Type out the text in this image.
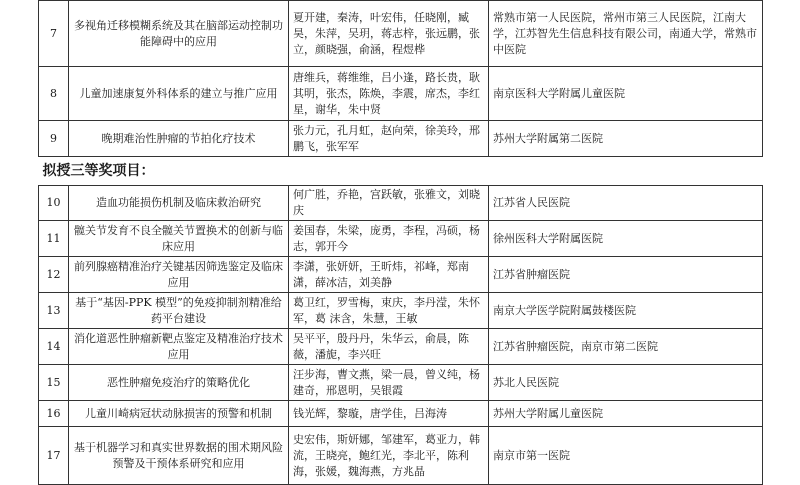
7	多视角迁移模糊系统及其在脑部运动控制功能障碍中的应用	夏开建，秦涛，叶宏伟，任晓刚，臧昊，朱萍，吴玥，蒋志梓，张远鹏，张立，颜晓强，俞涵，程煜桦	常熟市第一人民医院，常州市第三人民医院，江南大学，江苏智先生信息科技有限公司，南通大学，常熟市中医院
8	儿童加速康复外科体系的建立与推广应用	唐维兵，蒋维维，吕小逢，路长贵，耿其明，张杰，陈焕，李震，席杰，李红星，谢华，朱中贤	南京医科大学附属儿童医院
9	晚期难治性肿瘤的节拍化疗技术	张力元，孔月虹，赵向荣，徐美玲，邢鹏飞，张军军	苏州大学附属第二医院
拟授三等奖项目：			
10	造血功能损伤机制及临床救治研究	何广胜，乔艳，宫跃敏，张雅文，刘晓庆	江苏省人民医院
11	髋关节发育不良全髋关节置换术的创新与临床应用	姜国春，朱梁，庞勇，李程，冯硕，杨志，郭开今	徐州医科大学附属医院
12	前列腺癌精准治疗关键基因筛选鉴定及临床应用	李潇，张妍妍，王昕炜，祁峰，郑南潇，薛冰洁，刘美静	江苏省肿瘤医院
13	基于“基因-PPK 模型”的免疫抑制剂精准给药平台建设	葛卫红，罗雪梅，束庆，李丹滢，朱怀军，葛 沫含，朱慧，王敏	南京大学医学院附属鼓楼医院
14	消化道恶性肿瘤新靶点鉴定及精准治疗技术应用	吴平平，殷丹丹，朱华云，俞晨，陈薇，潘旎，李兴旺	江苏省肿瘤医院，南京市第二医院
15	恶性肿瘤免疫治疗的策略优化	汪步海，曹文燕，梁一晨，曾义纯，杨建奇，邢恩明，吴银霞	苏北人民医院
16	儿童川崎病冠状动脉损害的预警和机制	钱光辉，黎璇，唐学佳，吕海涛	苏州大学附属儿童医院
17	基于机器学习和真实世界数据的围术期风险预警及干预体系研究和应用	史宏伟，斯妍娜，邹建军，葛亚力，韩流，王晓亮，鲍红光，李北平，陈利海，张媛，魏海燕，方兆晶	南京市第一医院
